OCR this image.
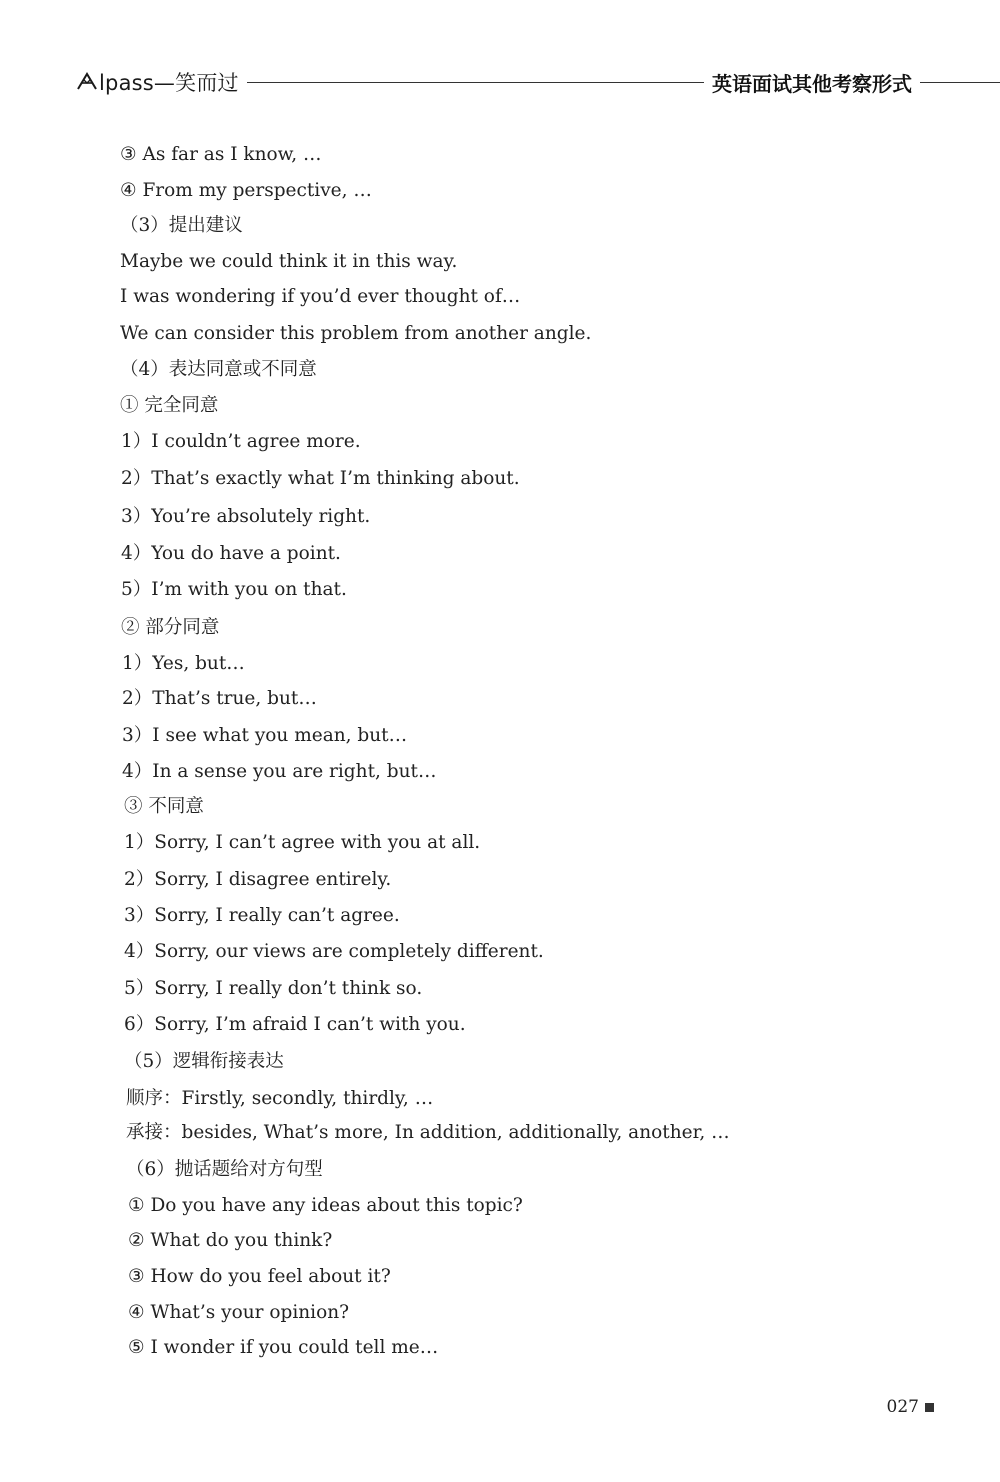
lpass—笑而过	英语面试其他考察形式
③ As far as I know, …
④ From my perspective, …
（3）提出建议
Maybe we could think it in this way.
I was wondering if you’d ever thought of…
We can consider this problem from another angle.
（4）表达同意或不同意
① 完全同意
1）I couldn’t agree more.
2）That’s exactly what I’m thinking about.
3）You’re absolutely right.
4）You do have a point.
5）I’m with you on that.
② 部分同意
1）Yes, but…
2）That’s true, but…
3）I see what you mean, but…
4）In a sense you are right, but…
③ 不同意
1）Sorry, I can’t agree with you at all.
2）Sorry, I disagree entirely.
3）Sorry, I really can’t agree.
4）Sorry, our views are completely different.
5）Sorry, I really don’t think so.
6）Sorry, I’m afraid I can’t with you.
（5）逻辑衔接表达
顺序：Firstly, secondly, thirdly, …
承接：besides, What’s more, In addition, additionally, another, …
（6）抛话题给对方句型
① Do you have any ideas about this topic?
② What do you think?
③ How do you feel about it?
④ What’s your opinion?
⑤ I wonder if you could tell me…
027
